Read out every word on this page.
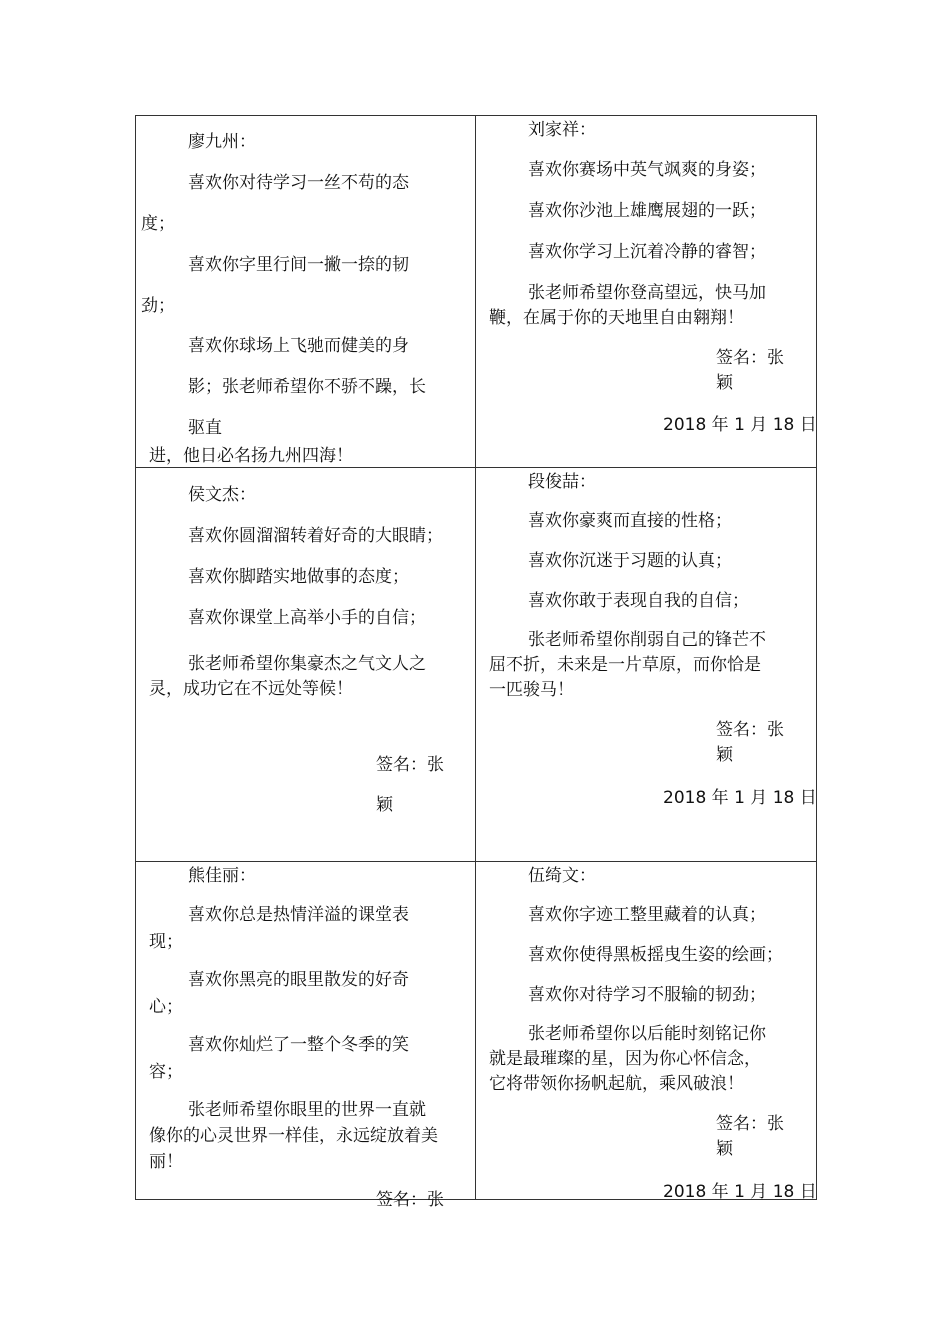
廖九州：
喜欢你对待学习一丝不苟的态
度；
喜欢你字里行间一撇一捺的韧
劲；
喜欢你球场上飞驰而健美的身
影；张老师希望你不骄不躁，长
驱直
进，他日必名扬九州四海！
刘家祥：
喜欢你赛场中英气飒爽的身姿；
喜欢你沙池上雄鹰展翅的一跃；
喜欢你学习上沉着冷静的睿智；
张老师希望你登高望远，快马加
鞭，在属于你的天地里自由翱翔！
签名：张
颖
2018 年 1 月 18 日
侯文杰：
喜欢你圆溜溜转着好奇的大眼睛；
喜欢你脚踏实地做事的态度；
喜欢你课堂上高举小手的自信；
张老师希望你集豪杰之气文人之
灵，成功它在不远处等候！
签名：张
颖
段俊喆：
喜欢你豪爽而直接的性格；
喜欢你沉迷于习题的认真；
喜欢你敢于表现自我的自信；
张老师希望你削弱自己的锋芒不
屈不折，未来是一片草原，而你恰是
一匹骏马！
签名：张
颖
2018 年 1 月 18 日
熊佳丽：
喜欢你总是热情洋溢的课堂表
现；
喜欢你黑亮的眼里散发的好奇
心；
喜欢你灿烂了一整个冬季的笑
容；
张老师希望你眼里的世界一直就
像你的心灵世界一样佳，永远绽放着美
丽！
签名：张
伍绮文：
喜欢你字迹工整里藏着的认真；
喜欢你使得黑板摇曳生姿的绘画；
喜欢你对待学习不服输的韧劲；
张老师希望你以后能时刻铭记你
就是最璀璨的星，因为你心怀信念，
它将带领你扬帆起航，乘风破浪！
签名：张
颖
2018 年 1 月 18 日
